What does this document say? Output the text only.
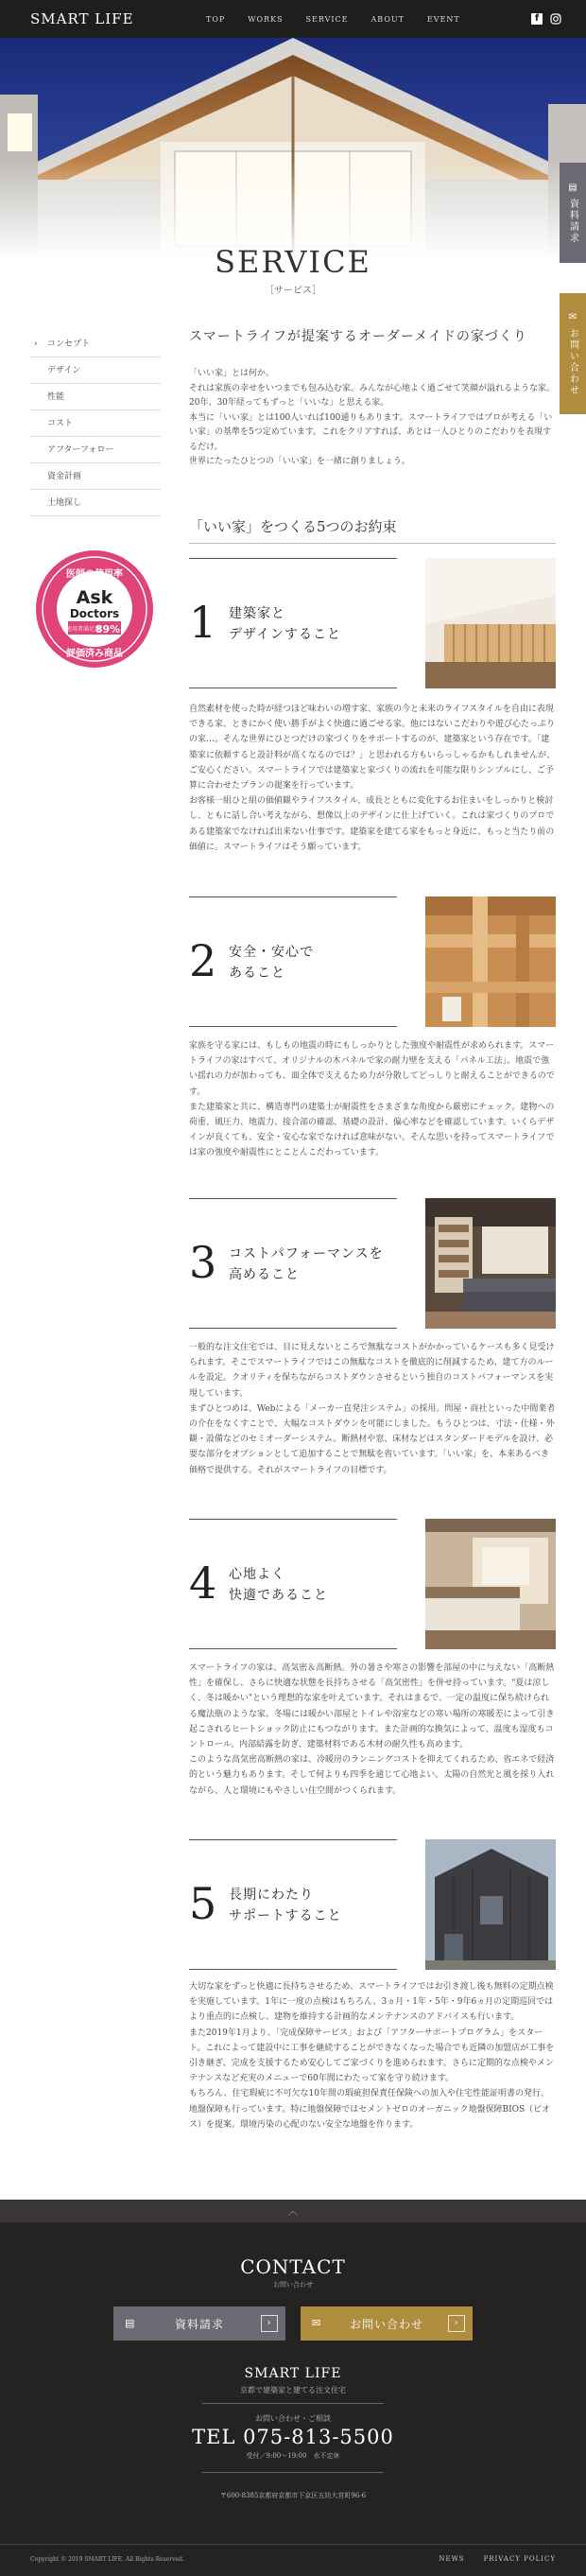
SMART LIFE	TOP	WORKS	SERVICE	ABOUT	EVENT	f
▤
資料請求
✉
お問い合わせ
SERVICE
［サービス］
› コンセプト
デザイン
性能
コスト
アフターフォロー
資金計画
土地探し
医師の使用率
Ask
Doctors
使用者満足度
89%
評価済み商品
スマートライフが提案するオーダーメイドの家づくり

「いい家」とは何か。

それは家族の幸せをいつまでも包み込む家。みんなが心地よく過ごせて笑顔が溢れるような家。20年、30年経ってもずっと「いいな」と思える家。

本当に「いい家」とは100人いれば100通りもあります。スマートライフではプロが考える「いい家」の基準を5つ定めています。これをクリアすれば、あとは一人ひとりのこだわりを表現するだけ。

世界にたったひとつの「いい家」を一緒に創りましょう。

「いい家」をつくる5つのお約束
1 建築家と
デザインすること

自然素材を使った時が経つほど味わいの増す家、家族の今と未来のライフスタイルを自由に表現できる家、ときにかく使い勝手がよく快適に過ごせる家。他にはないこだわりや遊び心たっぷりの家…。そんな世界にひとつだけの家づくりをサポートするのが、建築家という存在です。「建築家に依頼すると設計料が高くなるのでは？」と思われる方もいらっしゃるかもしれませんが、ご安心ください。スマートライフでは建築家と家づくりの流れを可能な限りシンプルにし、ご予算に合わせたプランの提案を行っています。

お客様一組ひと組の価値観やライフスタイル、成長とともに変化するお住まいをしっかりと検討し、ともに話し合い考えながら、想像以上のデザインに仕上げていく。これは家づくりのプロである建築家でなければ出来ない仕事です。建築家を建てる家をもっと身近に、もっと当たり前の価値に。スマートライフはそう願っています。

2 安全・安心で
あること

家族を守る家には、もしもの地震の時にもしっかりとした強度や耐震性が求められます。スマートライフの家はすべて、オリジナルの木パネルで家の耐力壁を支える「パネル工法」。地震で強い揺れの力が加わっても、面全体で支えるため力が分散してどっしりと耐えることができるのです。

また建築家と共に、構造専門の建築士が耐震性をさまざまな角度から厳密にチェック。建物への荷重、風圧力、地震力、接合部の確認、基礎の設計、偏心率などを確認しています。いくらデザインが良くても、安全・安心な家でなければ意味がない。そんな思いを持ってスマートライフでは家の強度や耐震性にとことんこだわっています。

3 コストパフォーマンスを
高めること

一般的な注文住宅では、目に見えないところで無駄なコストがかかっているケースも多く見受けられます。そこでスマートライフではこの無駄なコストを徹底的に削減するため、建て方のルールを設定。クオリティを保ちながらコストダウンさせるという独自のコストパフォーマンスを実現しています。

まずひとつめは、Webによる「メーカー直発注システム」の採用。問屋・商社といった中間業者の介在をなくすことで、大幅なコストダウンを可能にしました。もうひとつは、寸法・仕様・外観・設備などのセミオーダーシステム。断熱材や窓、床材などはスタンダードモデルを設け、必要な部分をオプションとして追加することで無駄を省いています。「いい家」を、本来あるべき価格で提供する。それがスマートライフの目標です。

4 心地よく
快適であること

スマートライフの家は、高気密＆高断熱。外の暑さや寒さの影響を部屋の中に与えない「高断熱性」を確保し、さらに快適な状態を長持ちさせる「高気密性」を併せ持っています。"夏は涼しく、冬は暖かい"という理想的な家を叶えています。それはまるで、一定の温度に保ち続けられる魔法瓶のような家。冬場には暖かい部屋とトイレや浴室などの寒い場所の寒暖差によって引き起こされるヒートショック防止にもつながります。また計画的な換気によって、温度も湿度もコントロール。内部結露を防ぎ、建築材料である木材の耐久性も高めます。

このような高気密高断熱の家は、冷暖房のランニングコストを抑えてくれるため、省エネで経済的という魅力もあります。そして何よりも四季を通じて心地よい。太陽の自然光と風を採り入れながら、人と環境にもやさしい住空間がつくられます。

5 長期にわたり
サポートすること

大切な家をずっと快適に長持ちさせるため、スマートライフではお引き渡し後も無料の定期点検を実施しています。1年に一度の点検はもちろん、3ヵ月・1年・5年・9年6ヵ月の定期巡回ではより重点的に点検し、建物を維持する計画的なメンテナンスのアドバイスも行います。

また2019年1月より、「完成保障サービス」および「アフターサポートプログラム」をスタート。これによって建設中に工事を継続することができなくなった場合でも近隣の加盟店が工事を引き継ぎ、完成を支援するため安心してご家づくりを進められます。さらに定期的な点検やメンテナンスなど充実のメニューで60年間にわたって家を守り続けます。

もちろん、住宅瑕疵に不可欠な10年間の瑕疵担保責任保険への加入や住宅性能証明書の発行、地盤保障も行っています。特に地盤保障ではセメントゼロのオーガニック地盤保障BIOS（ビオス）を提案。環境汚染の心配のない安全な地盤を作ります。

︿
CONTACT
お問い合わせ
▤	資料請求	›	✉ お問い合わせ	›
SMART LIFE
京都で建築家と建てる注文住宅
お問い合わせ・ご相談
TEL 075-813-5500
受付／9:00〜19:00　水不定休
〒600-8385京都府京都市下京区五坊大宮町96-6
Copyright © 2019 SMART LIFE. All Rights Reserved.	NEWS	PRIVACY POLICY
